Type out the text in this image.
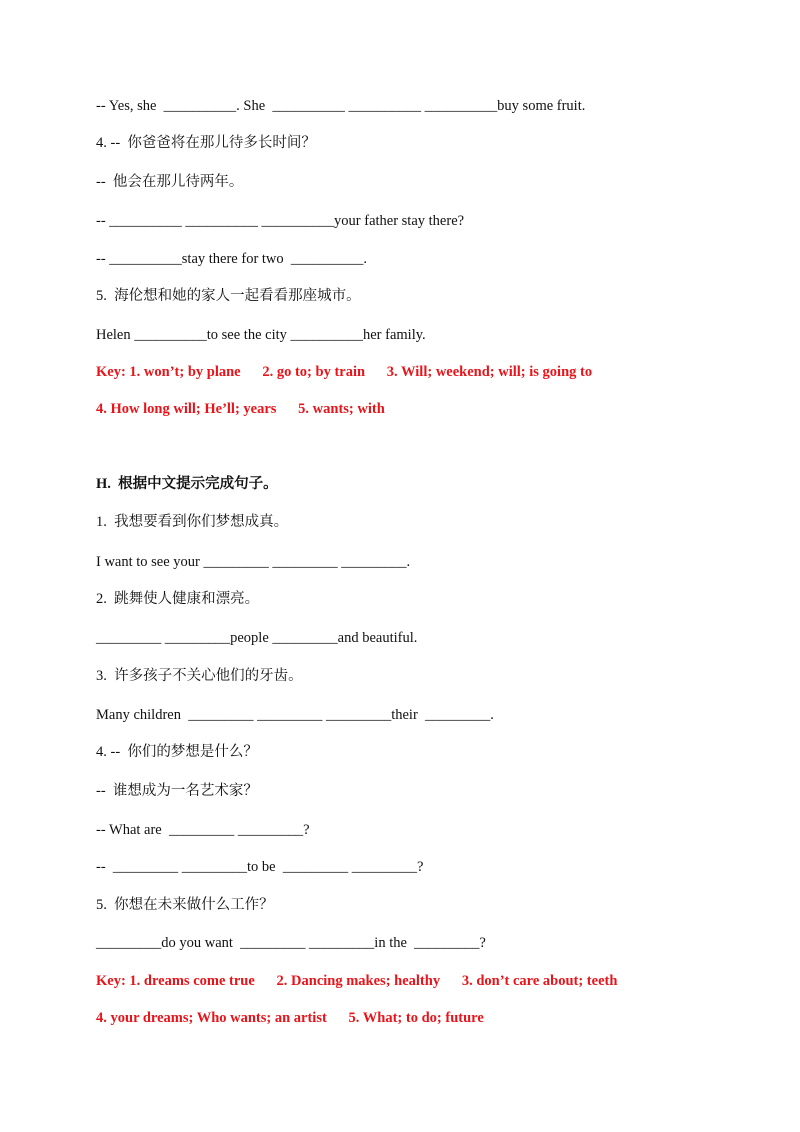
-- Yes, she  __________. She  __________ __________ __________buy some fruit.
4. --  你爸爸将在那儿待多长时间？
--  他会在那儿待两年。
-- __________ __________ __________your father stay there?
-- __________stay there for two  __________.
5.  海伦想和她的家人一起看看那座城市。
Helen __________to see the city __________her family.
Key: 1. won’t; by plane      2. go to; by train      3. Will; weekend; will; is going to
4. How long will; He’ll; years      5. wants; with
H.  根据中文提示完成句子。
1.  我想要看到你们梦想成真。
I want to see your _________ _________ _________.
2.  跳舞使人健康和漂亮。
_________ _________people _________and beautiful.
3.  许多孩子不关心他们的牙齿。
Many children  _________ _________ _________their  _________.
4. --  你们的梦想是什么？
--  谁想成为一名艺术家？
-- What are  _________ _________?
--  _________ _________to be  _________ _________?
5.  你想在未来做什么工作？
_________do you want  _________ _________in the  _________?
Key: 1. dreams come true      2. Dancing makes; healthy      3. don’t care about; teeth
4. your dreams; Who wants; an artist      5. What; to do; future
